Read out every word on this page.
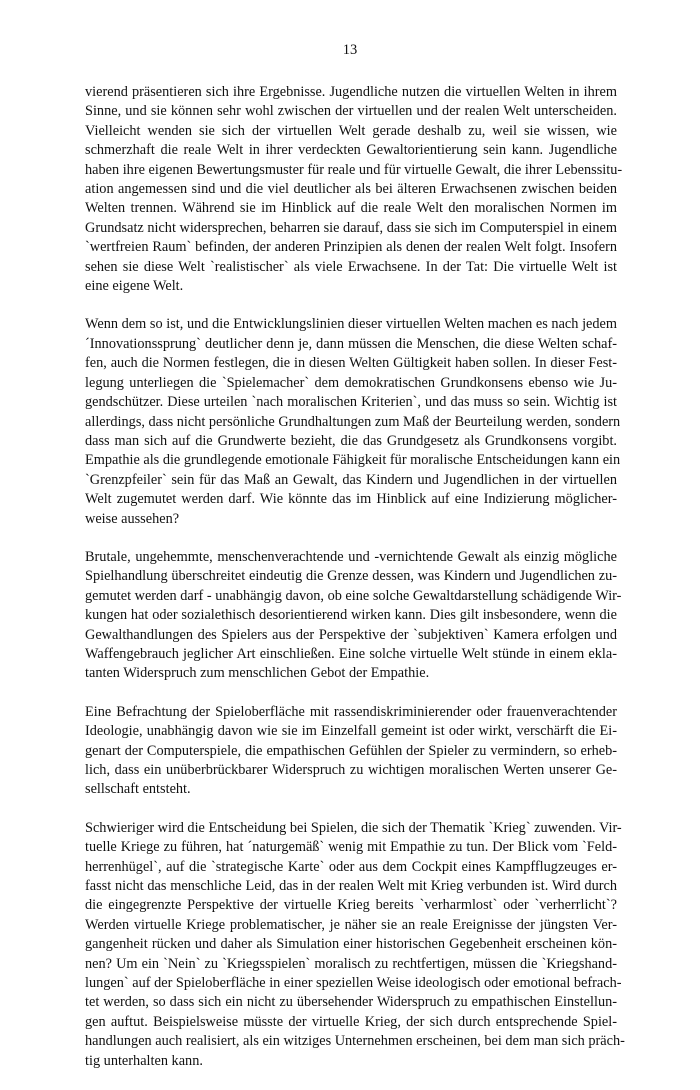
13

vierend präsentieren sich ihre Ergebnisse. Jugendliche nutzen die virtuellen Welten in ihrem
Sinne, und sie können sehr wohl zwischen der virtuellen und der realen Welt unterscheiden.
Vielleicht wenden sie sich der virtuellen Welt gerade deshalb zu, weil sie wissen, wie
schmerzhaft die reale Welt in ihrer verdeckten Gewaltorientierung sein kann. Jugendliche
haben ihre eigenen Bewertungsmuster für reale und für virtuelle Gewalt, die ihrer Lebenssitu-
ation angemessen sind und die viel deutlicher als bei älteren Erwachsenen zwischen beiden
Welten trennen. Während sie im Hinblick auf die reale Welt den moralischen Normen im
Grundsatz nicht widersprechen, beharren sie darauf, dass sie sich im Computerspiel in einem
`wertfreien Raum` befinden, der anderen Prinzipien als denen der realen Welt folgt. Insofern
sehen sie diese Welt `realistischer` als viele Erwachsene. In der Tat: Die virtuelle Welt ist
eine eigene Welt.

Wenn dem so ist, und die Entwicklungslinien dieser virtuellen Welten machen es nach jedem
´Innovationssprung` deutlicher denn je, dann müssen die Menschen, die diese Welten schaf-
fen, auch die Normen festlegen, die in diesen Welten Gültigkeit haben sollen. In dieser Fest-
legung unterliegen die `Spielemacher` dem demokratischen Grundkonsens ebenso wie Ju-
gendschützer. Diese urteilen `nach moralischen Kriterien`, und das muss so sein. Wichtig ist
allerdings, dass nicht persönliche Grundhaltungen zum Maß der Beurteilung werden, sondern
dass man sich auf die Grundwerte bezieht, die das Grundgesetz als Grundkonsens vorgibt.
Empathie als die grundlegende emotionale Fähigkeit für moralische Entscheidungen kann ein
`Grenzpfeiler` sein für das Maß an Gewalt, das Kindern und Jugendlichen in der virtuellen
Welt zugemutet werden darf. Wie könnte das im Hinblick auf eine Indizierung möglicher-
weise aussehen?

Brutale, ungehemmte, menschenverachtende und -vernichtende Gewalt als einzig mögliche
Spielhandlung überschreitet eindeutig die Grenze dessen, was Kindern und Jugendlichen zu-
gemutet werden darf - unabhängig davon, ob eine solche Gewaltdarstellung schädigende Wir-
kungen hat oder sozialethisch desorientierend wirken kann. Dies gilt insbesondere, wenn die
Gewalthandlungen des Spielers aus der Perspektive der `subjektiven` Kamera erfolgen und
Waffengebrauch jeglicher Art einschließen. Eine solche virtuelle Welt stünde in einem ekla-
tanten Widerspruch zum menschlichen Gebot der Empathie.

Eine Befrachtung der Spieloberfläche mit rassendiskriminierender oder frauenverachtender
Ideologie, unabhängig davon wie sie im Einzelfall gemeint ist oder wirkt, verschärft die Ei-
genart der Computerspiele, die empathischen Gefühlen der Spieler zu vermindern, so erheb-
lich, dass ein unüberbrückbarer Widerspruch zu wichtigen moralischen Werten unserer Ge-
sellschaft entsteht.

Schwieriger wird die Entscheidung bei Spielen, die sich der Thematik `Krieg` zuwenden. Vir-
tuelle Kriege zu führen, hat ´naturgemäß` wenig mit Empathie zu tun. Der Blick vom `Feld-
herrenhügel`, auf die `strategische Karte` oder aus dem Cockpit eines Kampfflugzeuges er-
fasst nicht das menschliche Leid, das in der realen Welt mit Krieg verbunden ist. Wird durch
die eingegrenzte Perspektive der virtuelle Krieg bereits `verharmlost` oder `verherrlicht`?
Werden virtuelle Kriege problematischer, je näher sie an reale Ereignisse der jüngsten Ver-
gangenheit rücken und daher als Simulation einer historischen Gegebenheit erscheinen kön-
nen? Um ein `Nein` zu `Kriegsspielen` moralisch zu rechtfertigen, müssen die `Kriegshand-
lungen` auf der Spieloberfläche in einer speziellen Weise ideologisch oder emotional befrach-
tet werden, so dass sich ein nicht zu übersehender Widerspruch zu empathischen Einstellun-
gen auftut. Beispielsweise müsste der virtuelle Krieg, der sich durch entsprechende Spiel-
handlungen auch realisiert, als ein witziges Unternehmen erscheinen, bei dem man sich präch-
tig unterhalten kann.
